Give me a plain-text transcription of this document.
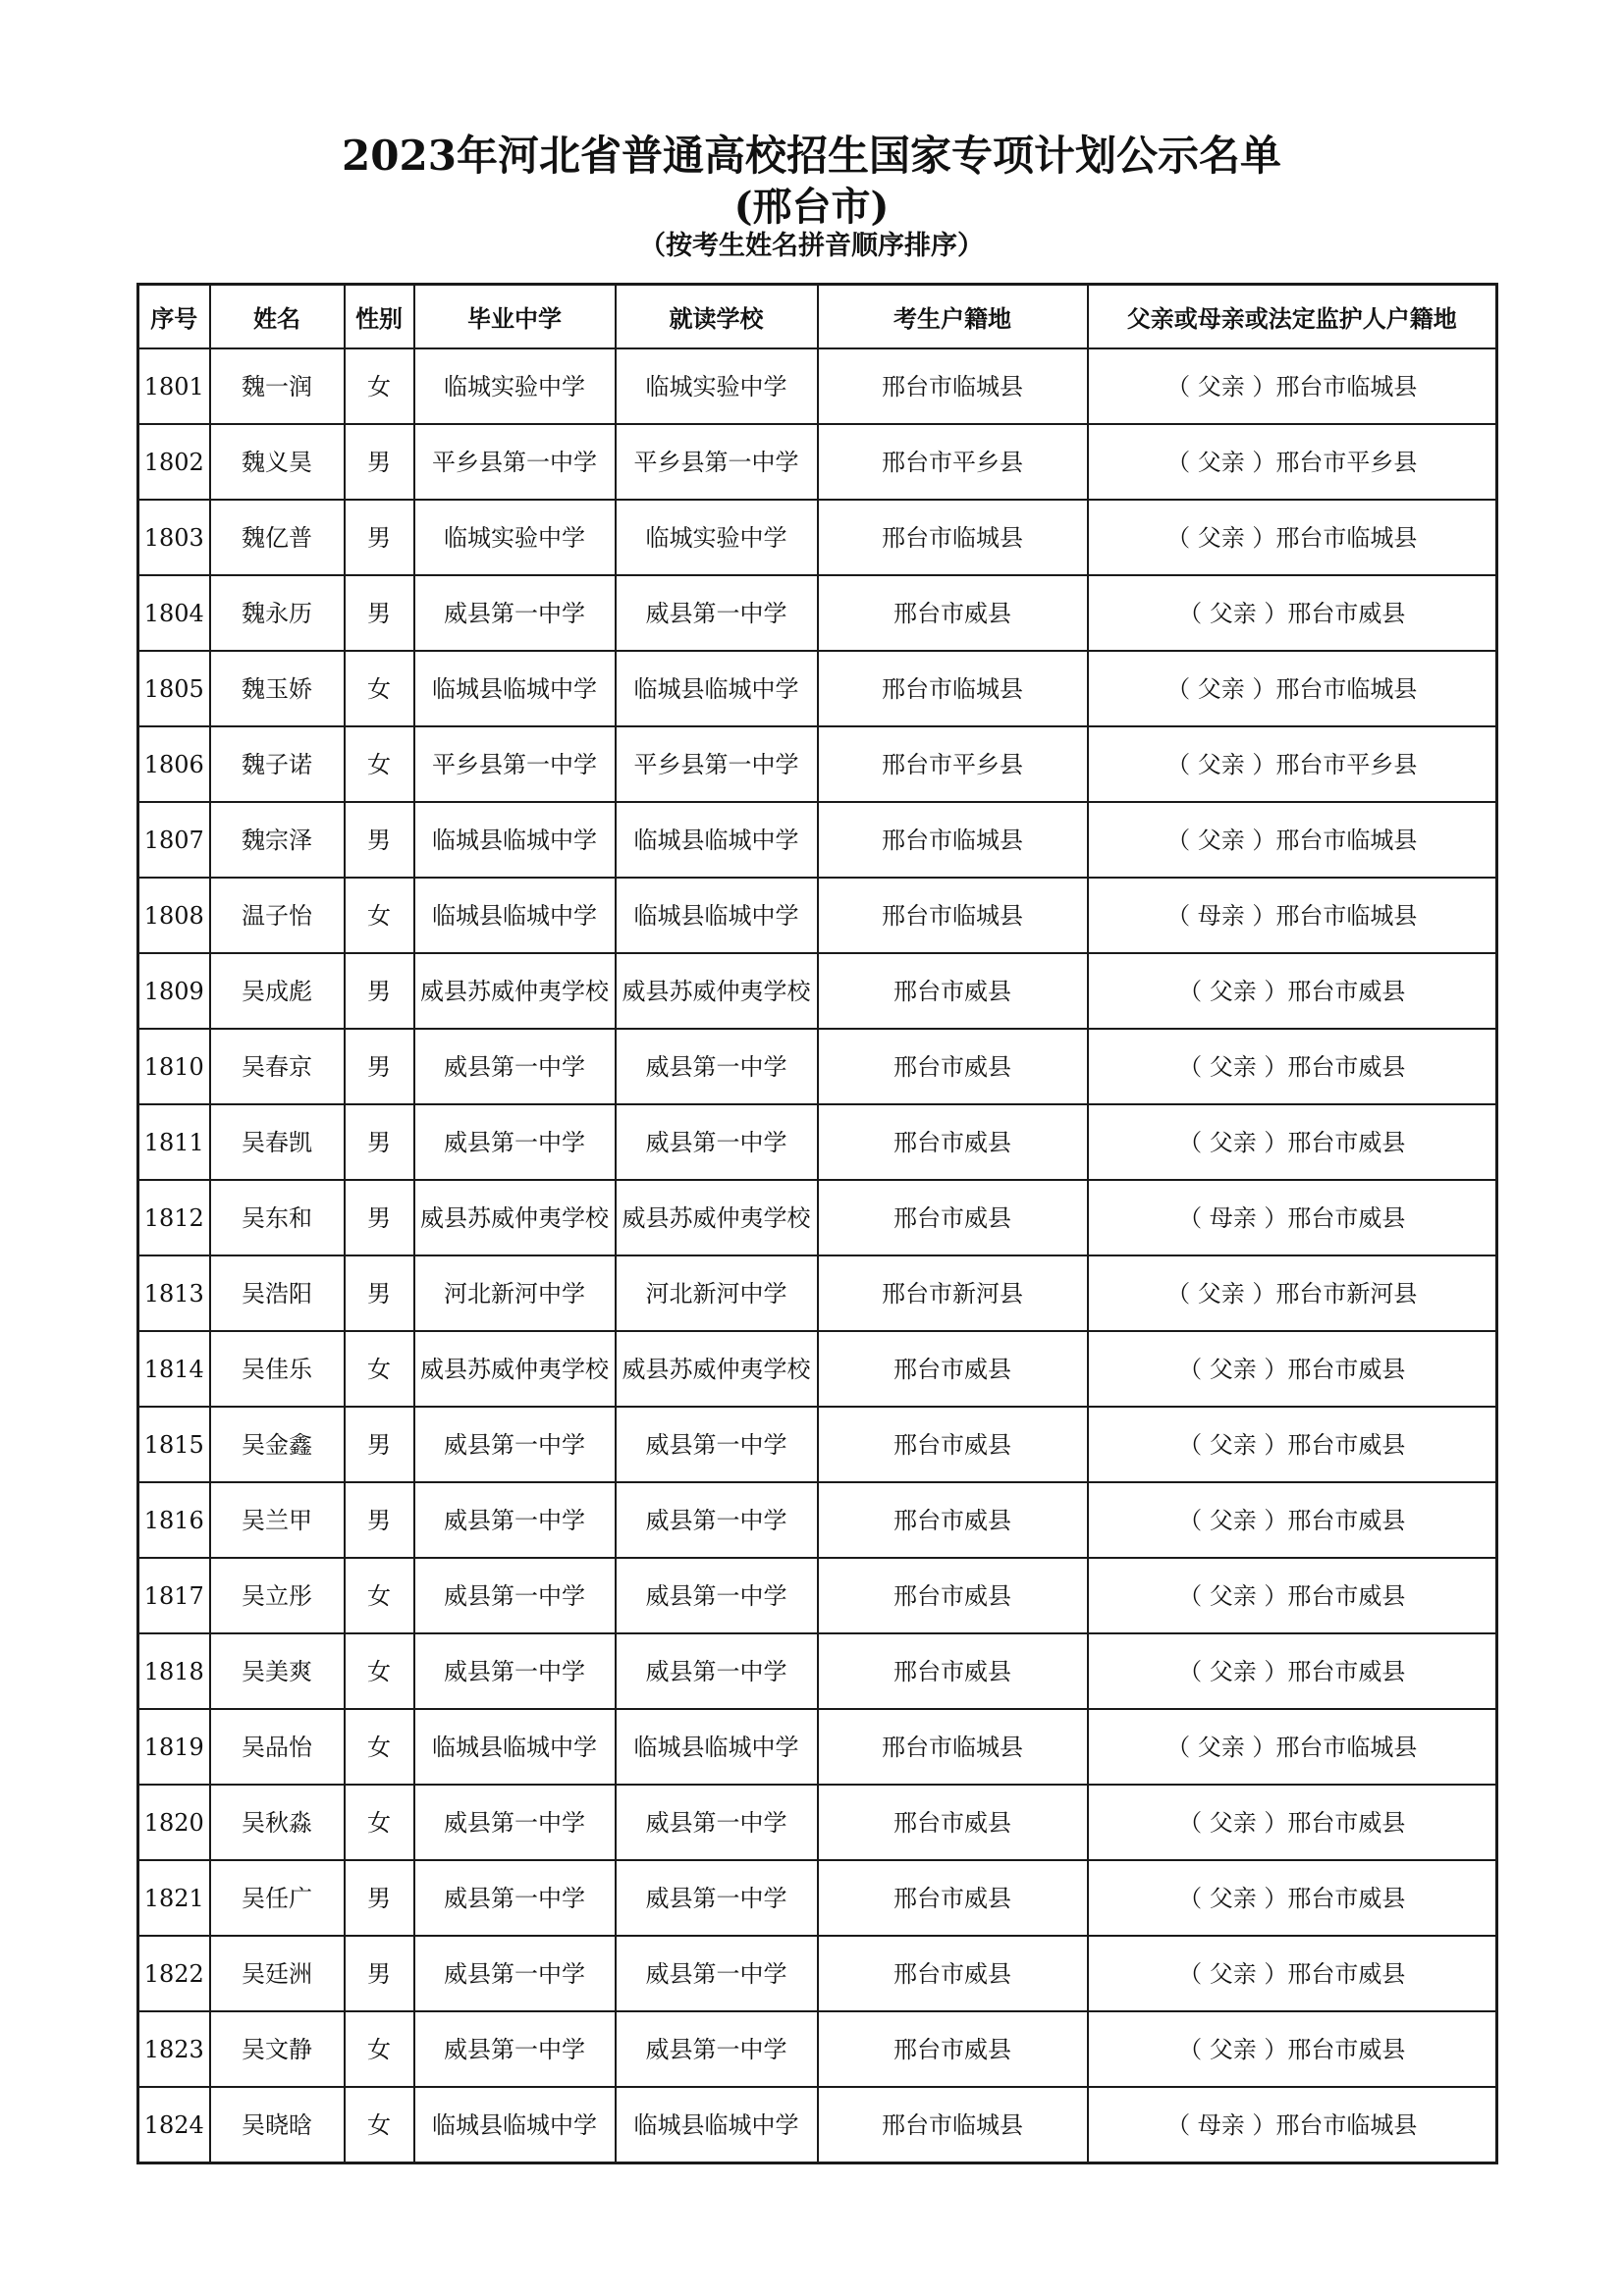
2023年河北省普通高校招生国家专项计划公示名单
(邢台市)
（按考生姓名拼音顺序排序）
序号	姓名	性别	毕业中学	就读学校	考生户籍地	父亲或母亲或法定监护人户籍地
1801	魏一润	女	临城实验中学	临城实验中学	邢台市临城县	（ 父亲 ）邢台市临城县
1802	魏义昊	男	平乡县第一中学	平乡县第一中学	邢台市平乡县	（ 父亲 ）邢台市平乡县
1803	魏亿普	男	临城实验中学	临城实验中学	邢台市临城县	（ 父亲 ）邢台市临城县
1804	魏永历	男	威县第一中学	威县第一中学	邢台市威县	（ 父亲 ）邢台市威县
1805	魏玉娇	女	临城县临城中学	临城县临城中学	邢台市临城县	（ 父亲 ）邢台市临城县
1806	魏子诺	女	平乡县第一中学	平乡县第一中学	邢台市平乡县	（ 父亲 ）邢台市平乡县
1807	魏宗泽	男	临城县临城中学	临城县临城中学	邢台市临城县	（ 父亲 ）邢台市临城县
1808	温子怡	女	临城县临城中学	临城县临城中学	邢台市临城县	（ 母亲 ）邢台市临城县
1809	吴成彪	男	威县苏威仲夷学校	威县苏威仲夷学校	邢台市威县	（ 父亲 ）邢台市威县
1810	吴春京	男	威县第一中学	威县第一中学	邢台市威县	（ 父亲 ）邢台市威县
1811	吴春凯	男	威县第一中学	威县第一中学	邢台市威县	（ 父亲 ）邢台市威县
1812	吴东和	男	威县苏威仲夷学校	威县苏威仲夷学校	邢台市威县	（ 母亲 ）邢台市威县
1813	吴浩阳	男	河北新河中学	河北新河中学	邢台市新河县	（ 父亲 ）邢台市新河县
1814	吴佳乐	女	威县苏威仲夷学校	威县苏威仲夷学校	邢台市威县	（ 父亲 ）邢台市威县
1815	吴金鑫	男	威县第一中学	威县第一中学	邢台市威县	（ 父亲 ）邢台市威县
1816	吴兰甲	男	威县第一中学	威县第一中学	邢台市威县	（ 父亲 ）邢台市威县
1817	吴立彤	女	威县第一中学	威县第一中学	邢台市威县	（ 父亲 ）邢台市威县
1818	吴美爽	女	威县第一中学	威县第一中学	邢台市威县	（ 父亲 ）邢台市威县
1819	吴品怡	女	临城县临城中学	临城县临城中学	邢台市临城县	（ 父亲 ）邢台市临城县
1820	吴秋淼	女	威县第一中学	威县第一中学	邢台市威县	（ 父亲 ）邢台市威县
1821	吴任广	男	威县第一中学	威县第一中学	邢台市威县	（ 父亲 ）邢台市威县
1822	吴廷洲	男	威县第一中学	威县第一中学	邢台市威县	（ 父亲 ）邢台市威县
1823	吴文静	女	威县第一中学	威县第一中学	邢台市威县	（ 父亲 ）邢台市威县
1824	吴晓晗	女	临城县临城中学	临城县临城中学	邢台市临城县	（ 母亲 ）邢台市临城县
